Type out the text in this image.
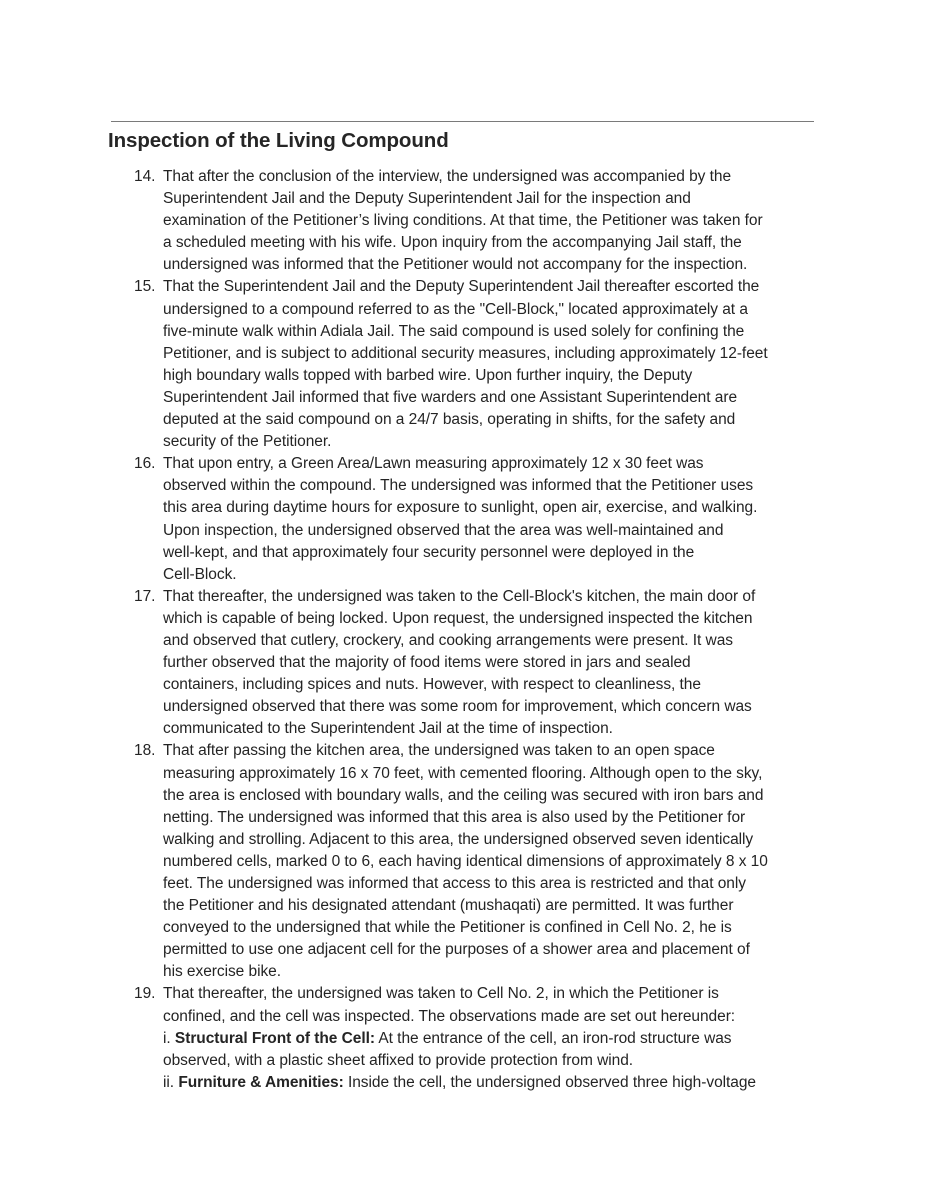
Inspection of the Living Compound
14. That after the conclusion of the interview, the undersigned was accompanied by the
Superintendent Jail and the Deputy Superintendent Jail for the inspection and
examination of the Petitioner’s living conditions. At that time, the Petitioner was taken for
a scheduled meeting with his wife. Upon inquiry from the accompanying Jail staff, the
undersigned was informed that the Petitioner would not accompany for the inspection.
15. That the Superintendent Jail and the Deputy Superintendent Jail thereafter escorted the
undersigned to a compound referred to as the "Cell-Block," located approximately at a
five-minute walk within Adiala Jail. The said compound is used solely for confining the
Petitioner, and is subject to additional security measures, including approximately 12-feet
high boundary walls topped with barbed wire. Upon further inquiry, the Deputy
Superintendent Jail informed that five warders and one Assistant Superintendent are
deputed at the said compound on a 24/7 basis, operating in shifts, for the safety and
security of the Petitioner.
16. That upon entry, a Green Area/Lawn measuring approximately 12 x 30 feet was
observed within the compound. The undersigned was informed that the Petitioner uses
this area during daytime hours for exposure to sunlight, open air, exercise, and walking.
Upon inspection, the undersigned observed that the area was well-maintained and
well-kept, and that approximately four security personnel were deployed in the
Cell-Block.
17. That thereafter, the undersigned was taken to the Cell-Block's kitchen, the main door of
which is capable of being locked. Upon request, the undersigned inspected the kitchen
and observed that cutlery, crockery, and cooking arrangements were present. It was
further observed that the majority of food items were stored in jars and sealed
containers, including spices and nuts. However, with respect to cleanliness, the
undersigned observed that there was some room for improvement, which concern was
communicated to the Superintendent Jail at the time of inspection.
18. That after passing the kitchen area, the undersigned was taken to an open space
measuring approximately 16 x 70 feet, with cemented flooring. Although open to the sky,
the area is enclosed with boundary walls, and the ceiling was secured with iron bars and
netting. The undersigned was informed that this area is also used by the Petitioner for
walking and strolling. Adjacent to this area, the undersigned observed seven identically
numbered cells, marked 0 to 6, each having identical dimensions of approximately 8 x 10
feet. The undersigned was informed that access to this area is restricted and that only
the Petitioner and his designated attendant (mushaqati) are permitted. It was further
conveyed to the undersigned that while the Petitioner is confined in Cell No. 2, he is
permitted to use one adjacent cell for the purposes of a shower area and placement of
his exercise bike.
19. That thereafter, the undersigned was taken to Cell No. 2, in which the Petitioner is
confined, and the cell was inspected. The observations made are set out hereunder:
i. Structural Front of the Cell: At the entrance of the cell, an iron-rod structure was
observed, with a plastic sheet affixed to provide protection from wind.
ii. Furniture & Amenities: Inside the cell, the undersigned observed three high-voltage
